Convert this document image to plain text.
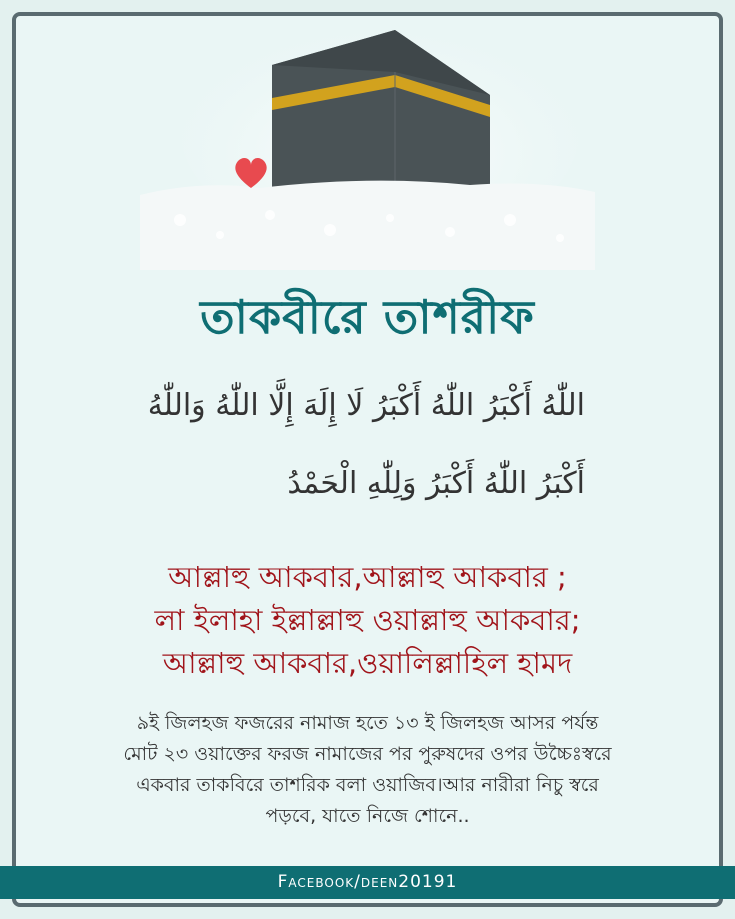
তাকবীরে তাশরীফ
اللّٰهُ أَكْبَرُ اللّٰهُ أَكْبَرُ لَا إِلَهَ إِلَّا اللّٰهُ وَاللّٰهُ
أَكْبَرُ اللّٰهُ أَكْبَرُ وَلِلّٰهِ الْحَمْدُ
আল্লাহু আকবার,আল্লাহু আকবার ;
লা ইলাহা ইল্লাল্লাহু ওয়াল্লাহু আকবার;
আল্লাহু আকবার,ওয়ালিল্লাহিল হামদ
৯ই জিলহজ ফজরের নামাজ হতে ১৩ ই জিলহজ আসর পর্যন্ত
মোট ২৩ ওয়াক্তের ফরজ নামাজের পর পুরুষদের ওপর উচ্চৈঃস্বরে
একবার তাকবিরে তাশরিক বলা ওয়াজিব।আর নারীরা নিচু স্বরে
পড়বে, যাতে নিজে শোনে..
Facebook/deen20191
